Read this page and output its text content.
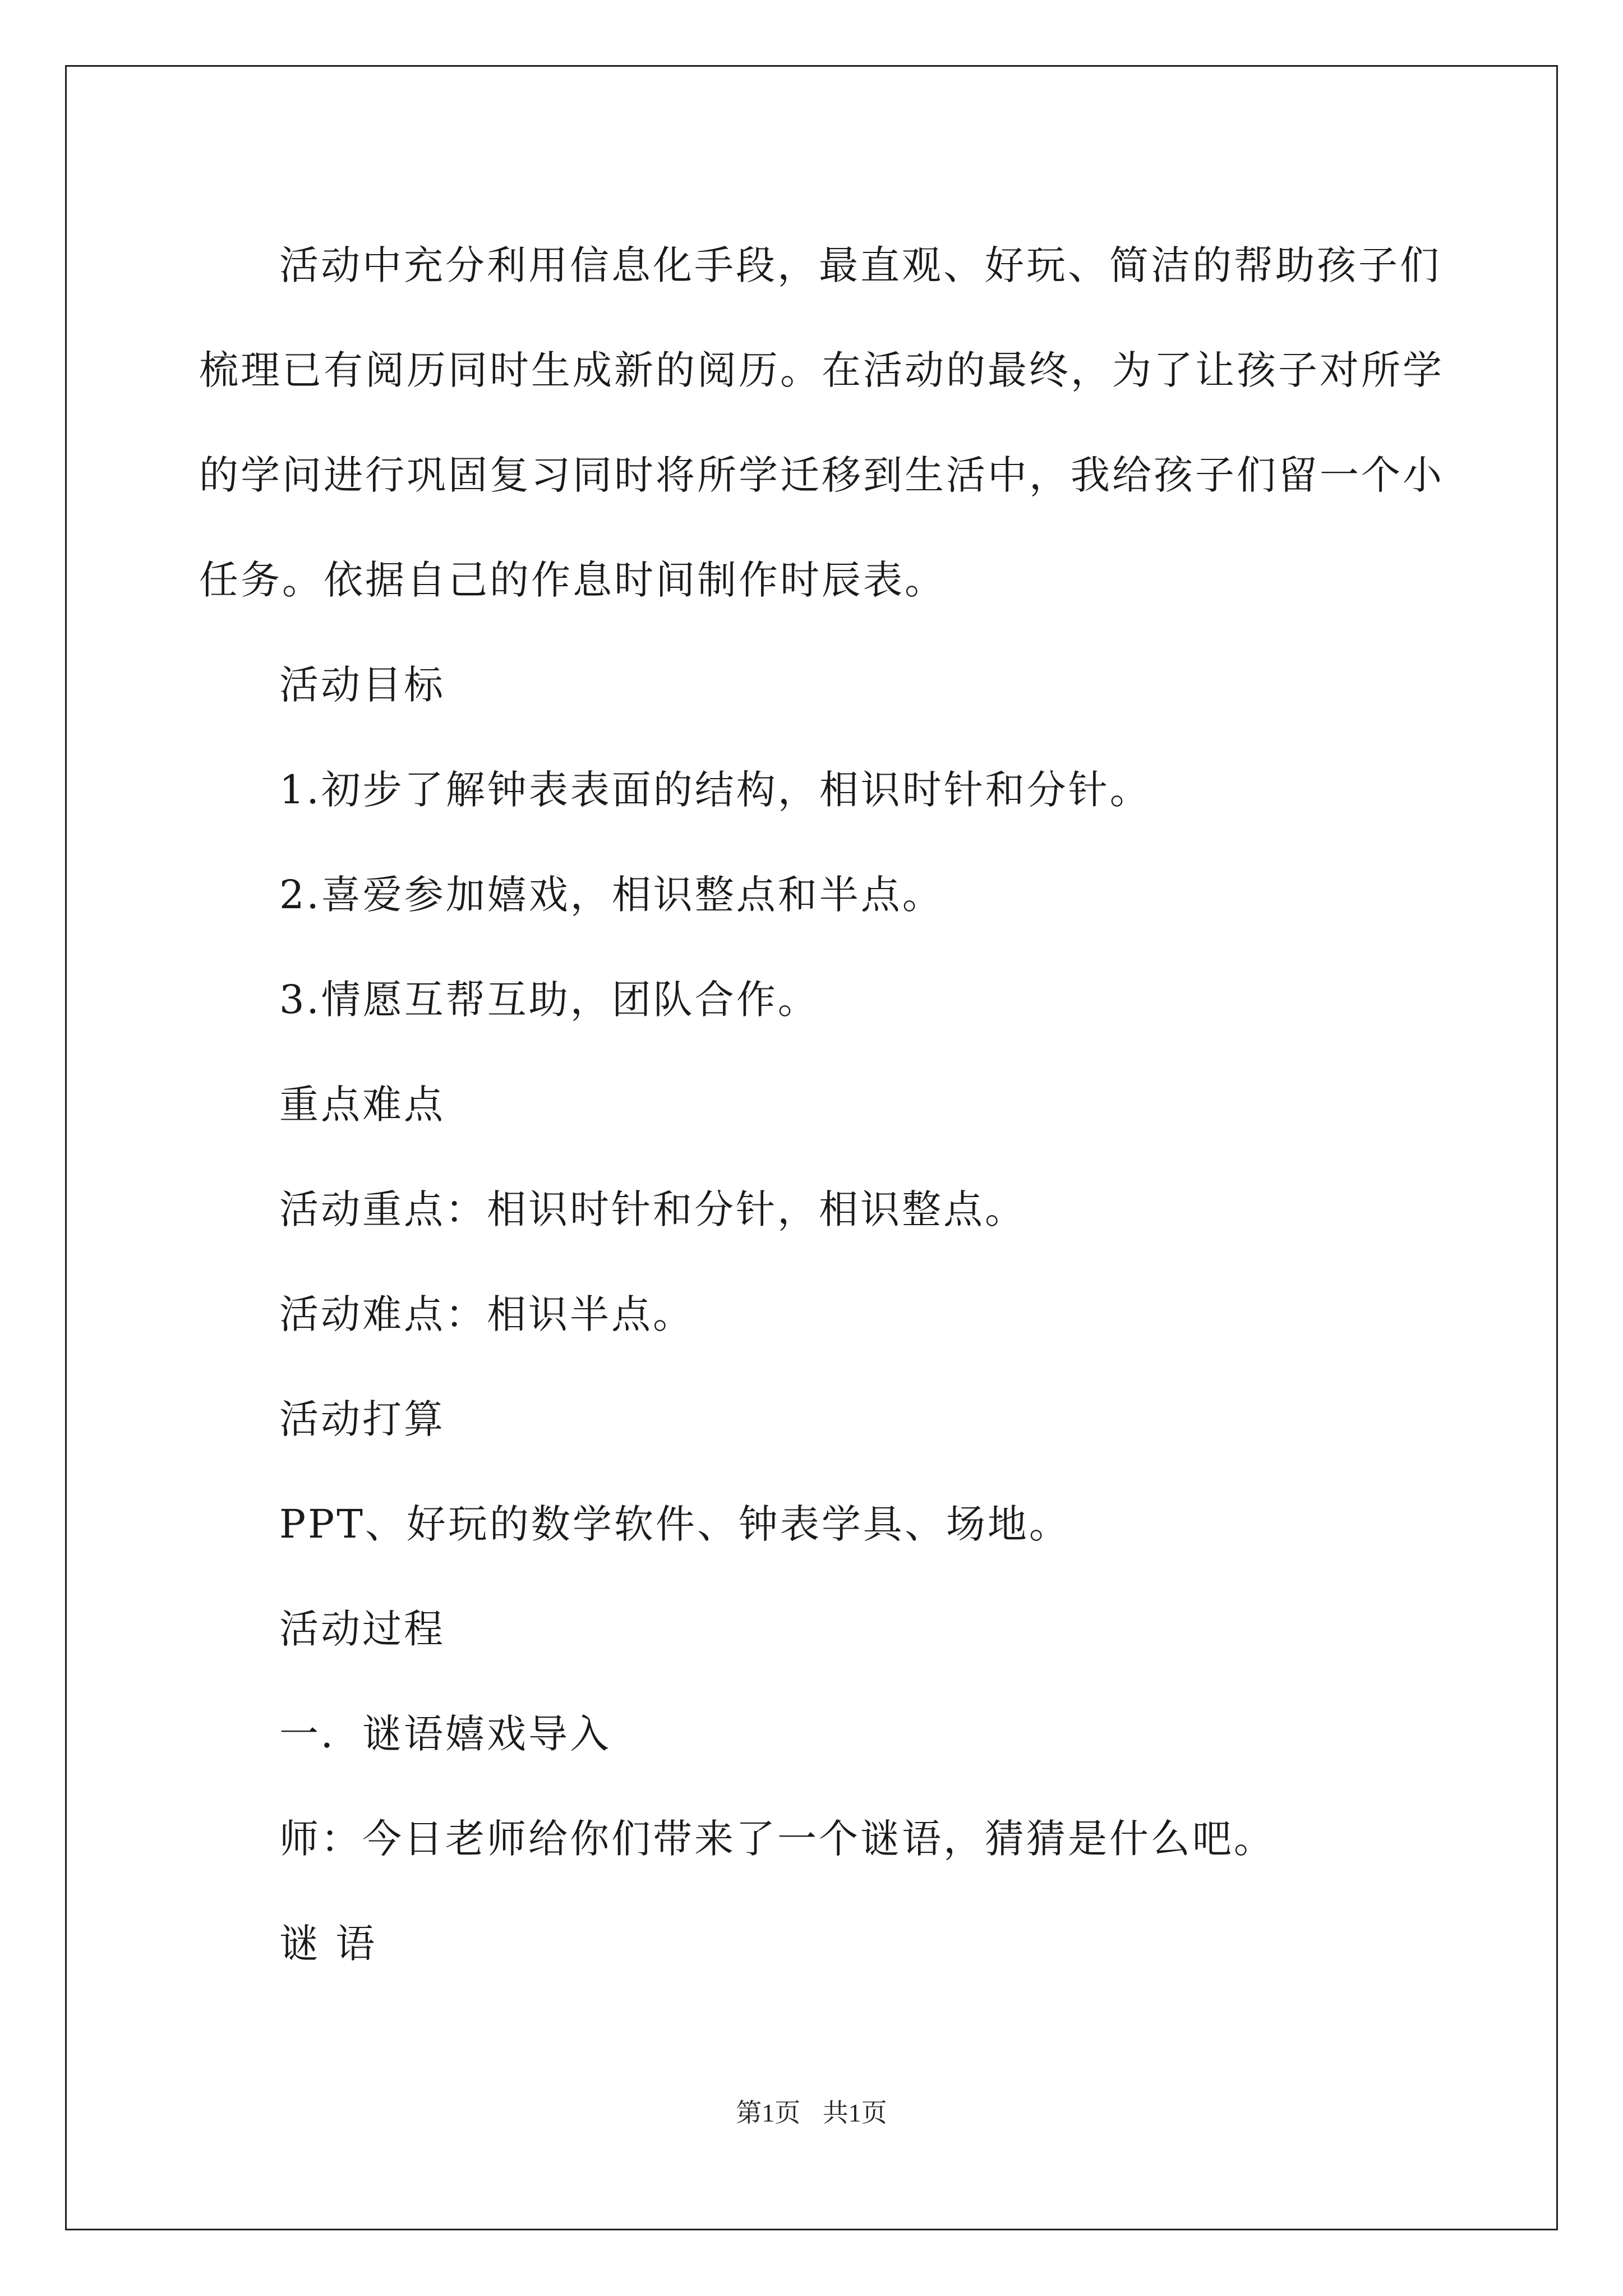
活动中充分利用信息化手段，最直观、好玩、简洁的帮助孩子们

梳理已有阅历同时生成新的阅历。在活动的最终，为了让孩子对所学

的学问进行巩固复习同时将所学迁移到生活中，我给孩子们留一个小

任务。依据自己的作息时间制作时辰表。

活动目标

1.初步了解钟表表面的结构，相识时针和分针。

2.喜爱参加嬉戏，相识整点和半点。

3.情愿互帮互助，团队合作。

重点难点

活动重点：相识时针和分针，相识整点。

活动难点：相识半点。

活动打算

PPT、好玩的数学软件、钟表学具、场地。

活动过程

一．谜语嬉戏导入

师：今日老师给你们带来了一个谜语，猜猜是什么吧。

谜 语

第1页 共1页
